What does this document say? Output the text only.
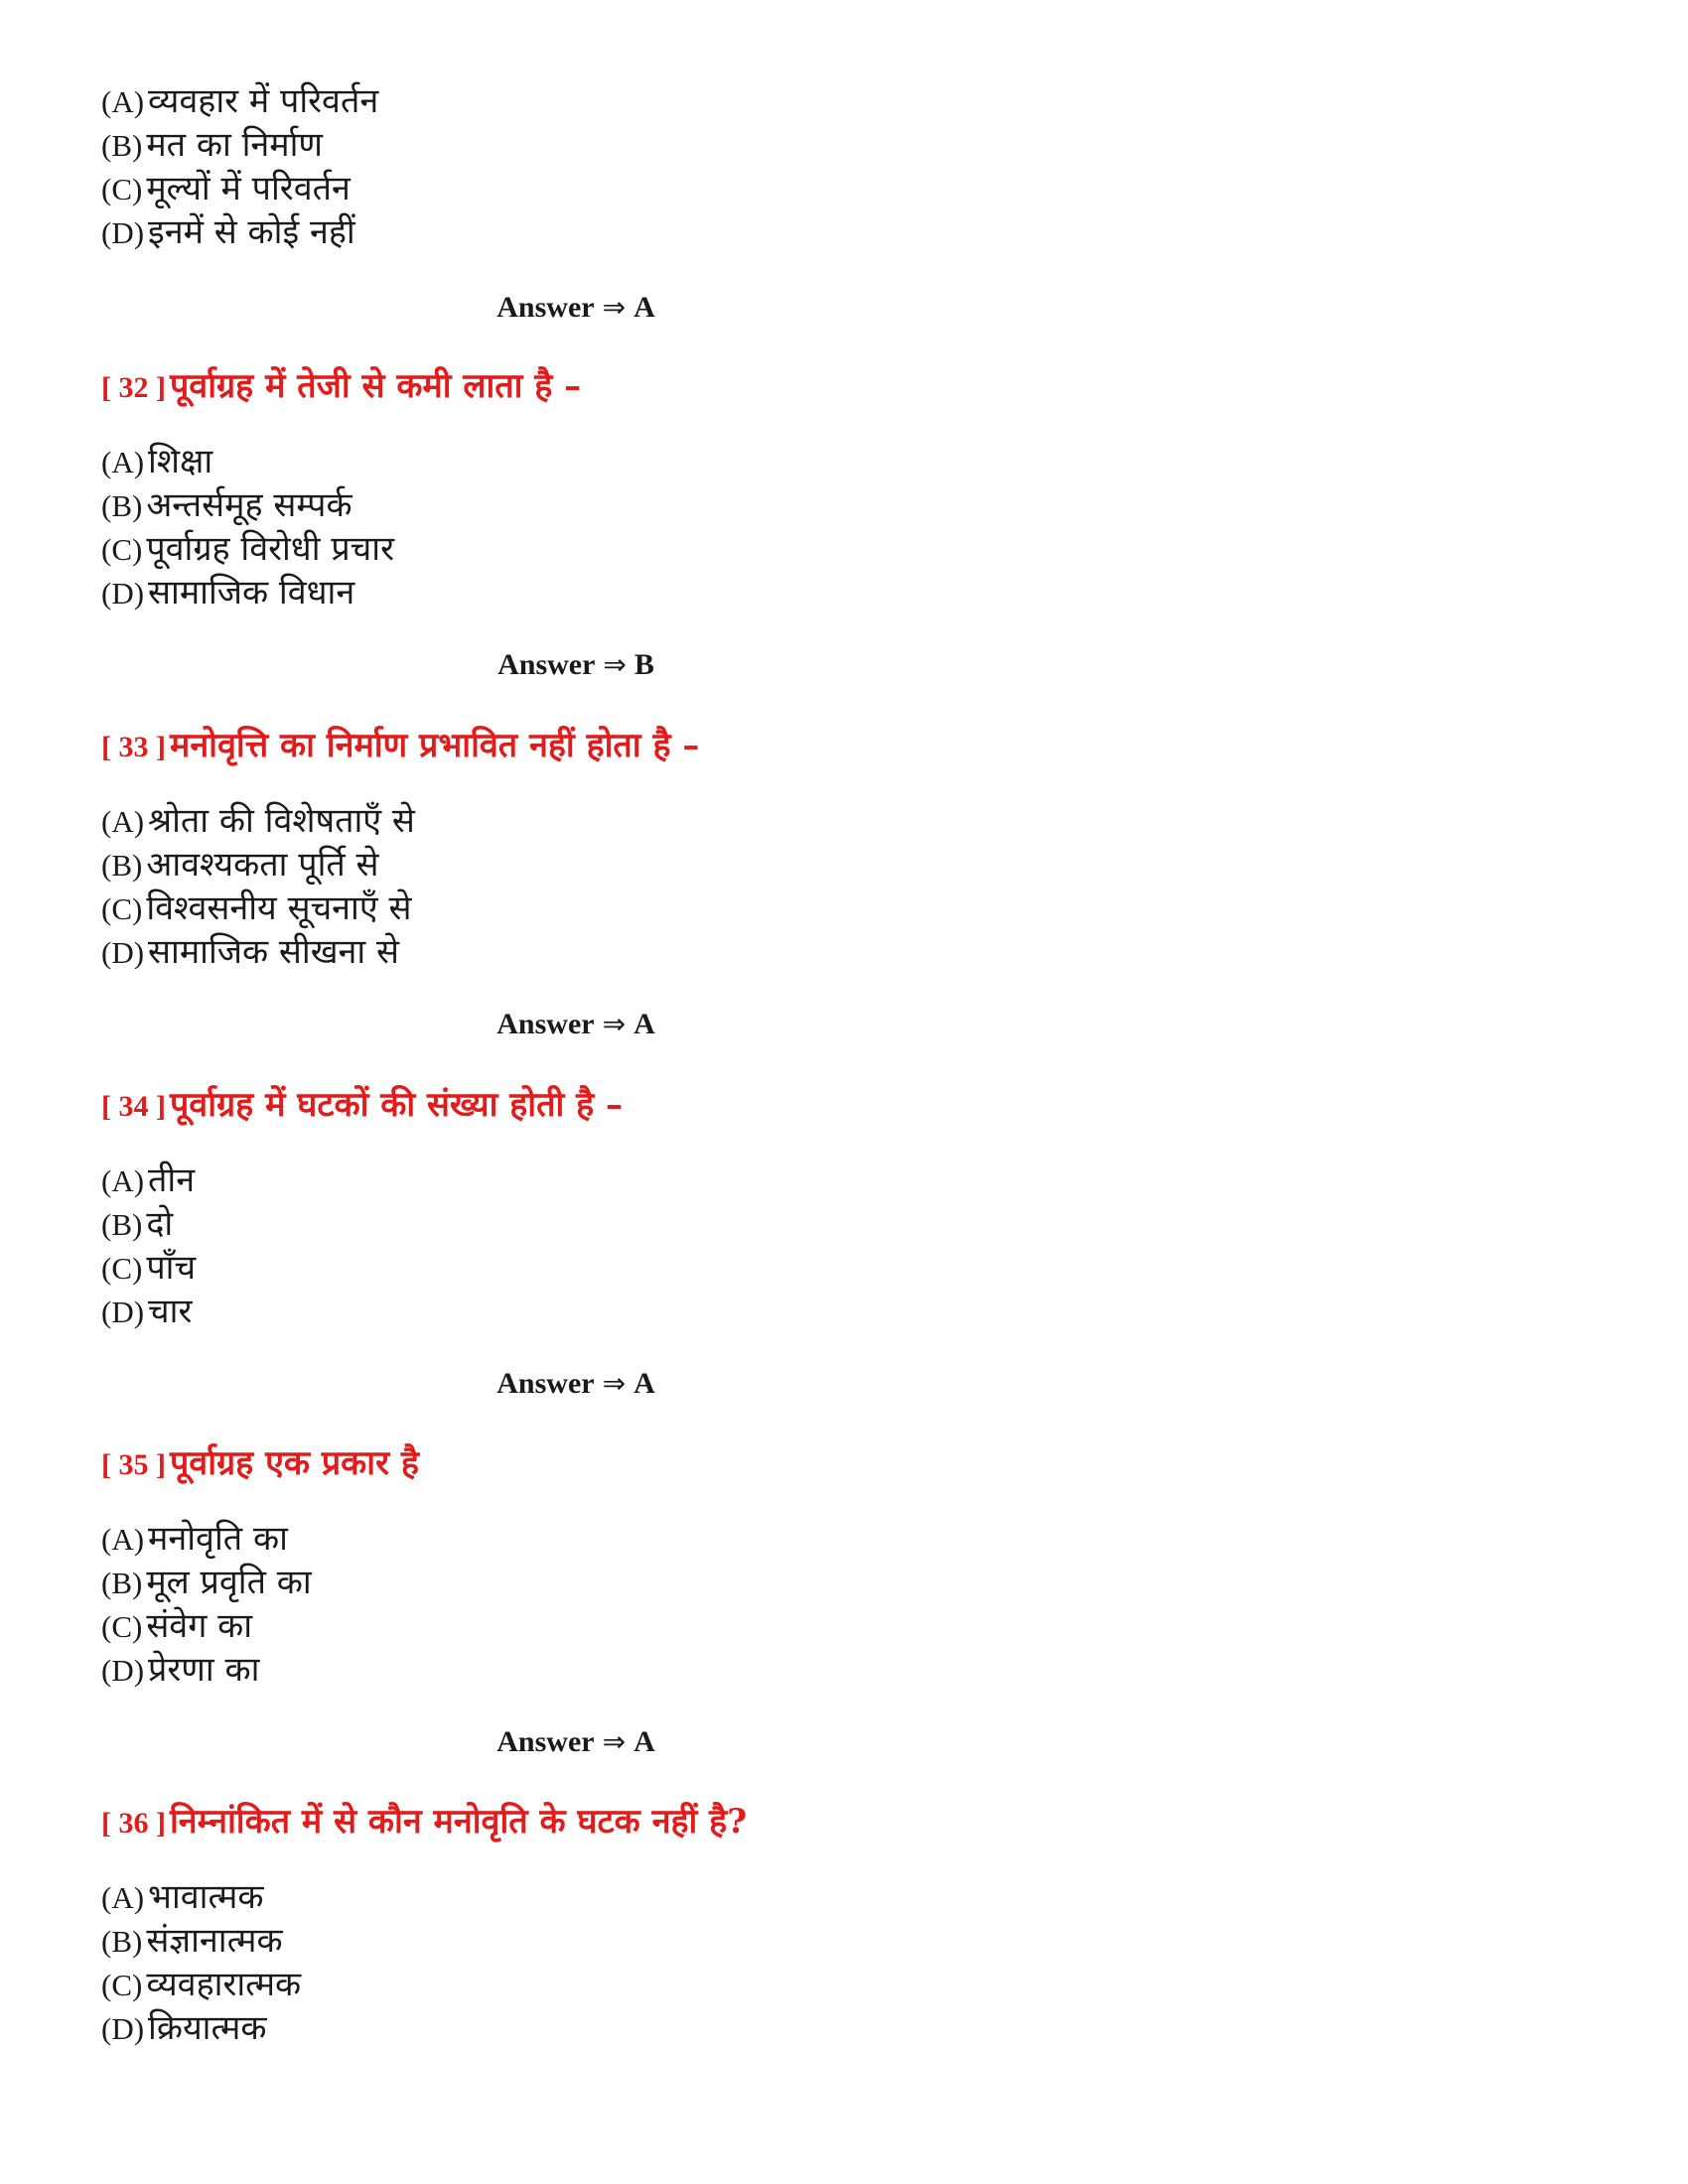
(A) व्यवहार में परिवर्तन
(B) मत का निर्माण
(C) मूल्यों में परिवर्तन
(D) इनमें से कोई नहीं
Answer ⇒ A
[ 32 ] पूर्वाग्रह में तेजी से कमी लाता है –
(A) शिक्षा
(B) अन्तर्समूह सम्पर्क
(C) पूर्वाग्रह विरोधी प्रचार
(D) सामाजिक विधान
Answer ⇒ B
[ 33 ] मनोवृत्ति का निर्माण प्रभावित नहीं होता है –
(A) श्रोता की विशेषताएँ से
(B) आवश्यकता पूर्ति से
(C) विश्वसनीय सूचनाएँ से
(D) सामाजिक सीखना से
Answer ⇒ A
[ 34 ] पूर्वाग्रह में घटकों की संख्या होती है –
(A) तीन
(B) दो
(C) पाँच
(D) चार
Answer ⇒ A
[ 35 ] पूर्वाग्रह एक प्रकार है
(A) मनोवृति का
(B) मूल प्रवृति का
(C) संवेग का
(D) प्रेरणा का
Answer ⇒ A
[ 36 ] निम्नांकित में से कौन मनोवृति के घटक नहीं है?
(A) भावात्मक
(B) संज्ञानात्मक
(C) व्यवहारात्मक
(D) क्रियात्मक
